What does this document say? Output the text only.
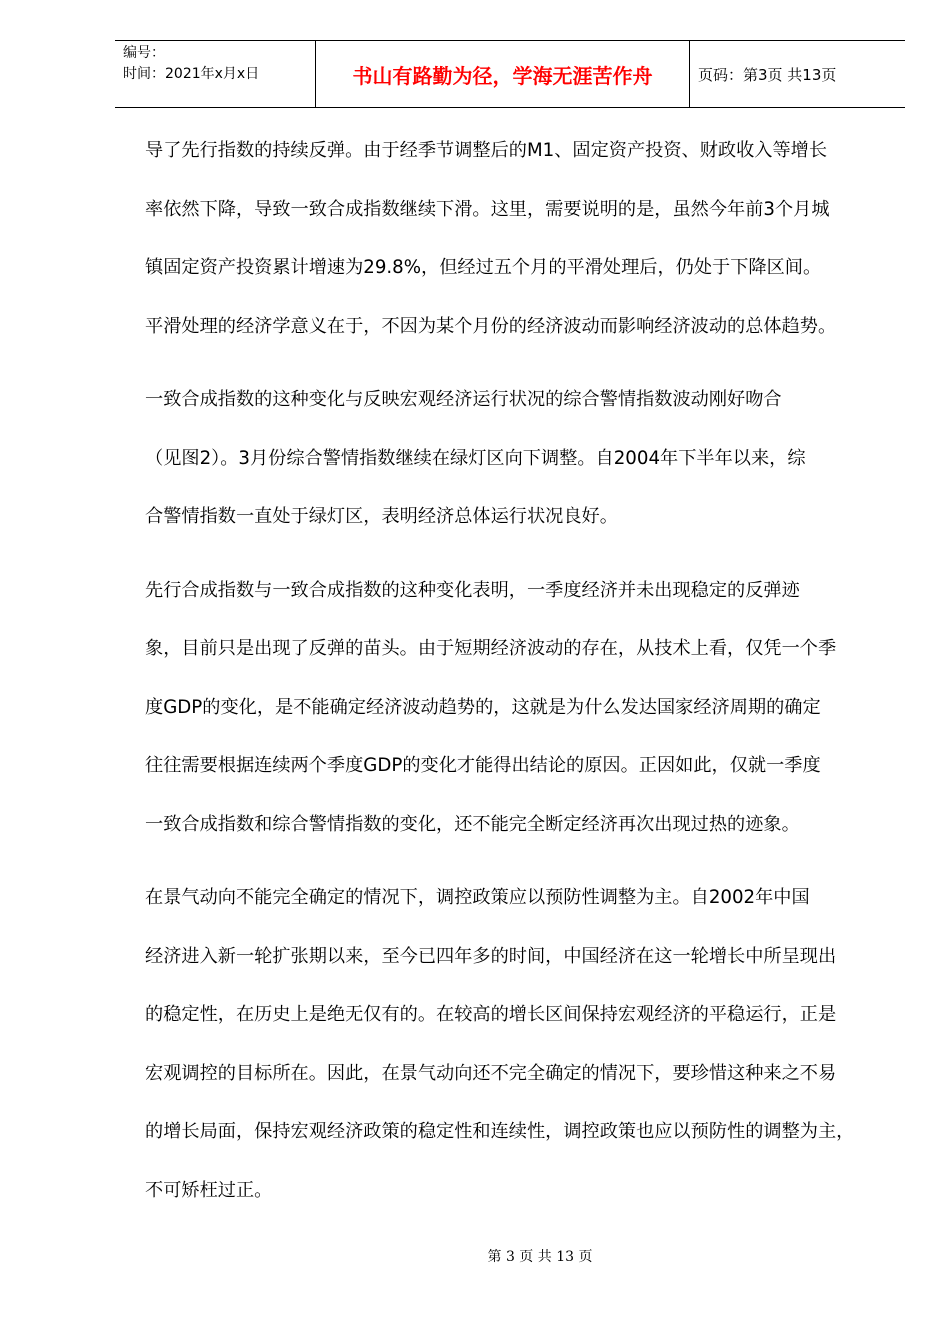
编号：
时间：2021年x月x日	书山有路勤为径，学海无涯苦作舟	页码：第3页 共13页

导了先行指数的持续反弹。由于经季节调整后的M1、固定资产投资、财政收入等增长

率依然下降，导致一致合成指数继续下滑。这里，需要说明的是，虽然今年前3个月城

镇固定资产投资累计增速为29.8%，但经过五个月的平滑处理后，仍处于下降区间。

平滑处理的经济学意义在于，不因为某个月份的经济波动而影响经济波动的总体趋势。

一致合成指数的这种变化与反映宏观经济运行状况的综合警情指数波动刚好吻合

（见图2）。3月份综合警情指数继续在绿灯区向下调整。自2004年下半年以来，综

合警情指数一直处于绿灯区，表明经济总体运行状况良好。

先行合成指数与一致合成指数的这种变化表明，一季度经济并未出现稳定的反弹迹

象，目前只是出现了反弹的苗头。由于短期经济波动的存在，从技术上看，仅凭一个季

度GDP的变化，是不能确定经济波动趋势的，这就是为什么发达国家经济周期的确定

往往需要根据连续两个季度GDP的变化才能得出结论的原因。正因如此，仅就一季度

一致合成指数和综合警情指数的变化，还不能完全断定经济再次出现过热的迹象。

在景气动向不能完全确定的情况下，调控政策应以预防性调整为主。自2002年中国

经济进入新一轮扩张期以来，至今已四年多的时间，中国经济在这一轮增长中所呈现出

的稳定性，在历史上是绝无仅有的。在较高的增长区间保持宏观经济的平稳运行，正是

宏观调控的目标所在。因此，在景气动向还不完全确定的情况下，要珍惜这种来之不易

的增长局面，保持宏观经济政策的稳定性和连续性，调控政策也应以预防性的调整为主，

不可矫枉过正。

第 3 页 共 13 页
